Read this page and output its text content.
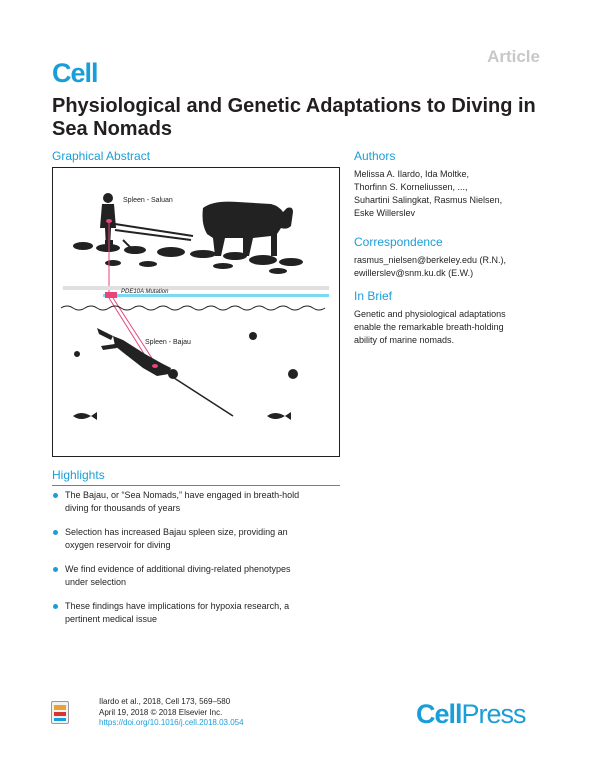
Cell
Article
Physiological and Genetic Adaptations to Diving in Sea Nomads
Graphical Abstract
Spleen - Saluan
PDE10A Mutation
Spleen - Bajau
Authors
Melissa A. Ilardo, Ida Moltke,
Thorfinn S. Korneliussen, ...,
Suhartini Salingkat, Rasmus Nielsen,
Eske Willerslev
Correspondence
rasmus_nielsen@berkeley.edu (R.N.),
ewillerslev@snm.ku.dk (E.W.)
In Brief
Genetic and physiological adaptations
enable the remarkable breath-holding
ability of marine nomads.
Highlights
The Bajau, or “Sea Nomads,” have engaged in breath-hold
diving for thousands of years
Selection has increased Bajau spleen size, providing an
oxygen reservoir for diving
We find evidence of additional diving-related phenotypes
under selection
These findings have implications for hypoxia research, a
pertinent medical issue
Ilardo et al., 2018, Cell 173, 569–580
April 19, 2018 © 2018 Elsevier Inc.
https://doi.org/10.1016/j.cell.2018.03.054	CellPress
